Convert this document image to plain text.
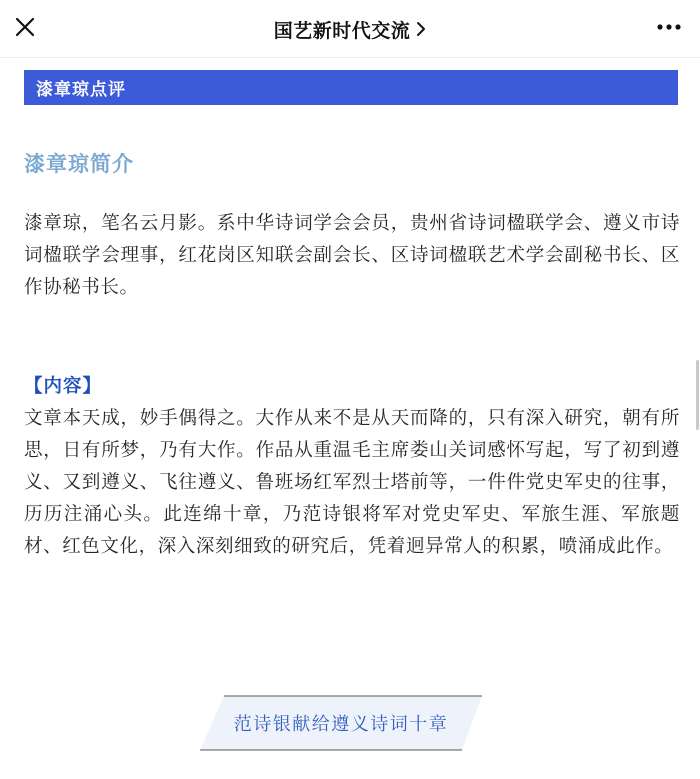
国艺新时代交流
漆章琼点评
漆章琼简介

漆章琼，笔名云月影。系中华诗词学会会员，贵州省诗词楹联学会、遵义市诗词楹联学会理事，红花岗区知联会副会长、区诗词楹联艺术学会副秘书长、区作协秘书长。

【内容】

文章本天成，妙手偶得之。大作从来不是从天而降的，只有深入研究，朝有所思，日有所梦，乃有大作。作品从重温毛主席娄山关词感怀写起，写了初到遵义、又到遵义、飞往遵义、鲁班场红军烈士塔前等，一件件党史军史的往事，历历注涌心头。此连绵十章，乃范诗银将军对党史军史、军旅生涯、军旅题材、红色文化，深入深刻细致的研究后，凭着迥异常人的积累，喷涌成此作。

范诗银献给遵义诗词十章
